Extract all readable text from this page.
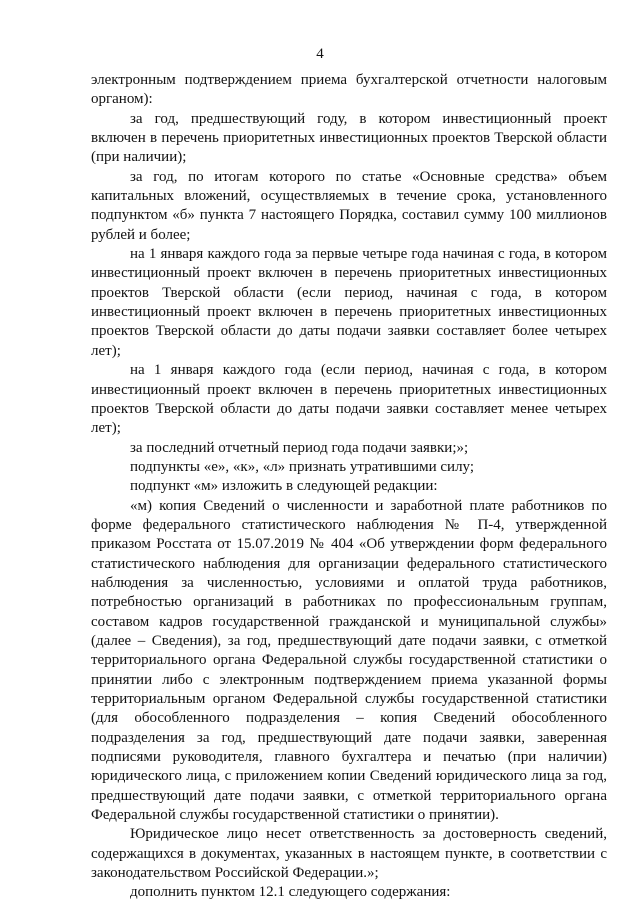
4

электронным подтверждением приема бухгалтерской отчетности налоговым органом):

за год, предшествующий году, в котором инвестиционный проект включен в перечень приоритетных инвестиционных проектов Тверской области (при наличии);

за год, по итогам которого по статье «Основные средства» объем капитальных вложений, осуществляемых в течение срока, установленного подпунктом «б» пункта 7 настоящего Порядка, составил сумму 100 миллионов рублей и более;

на 1 января каждого года за первые четыре года начиная с года, в котором инвестиционный проект включен в перечень приоритетных инвестиционных проектов Тверской области (если период, начиная с года, в котором инвестиционный проект включен в перечень приоритетных инвестиционных проектов Тверской области до даты подачи заявки составляет более четырех лет);

на 1 января каждого года (если период, начиная с года, в котором инвестиционный проект включен в перечень приоритетных инвестиционных проектов Тверской области до даты подачи заявки составляет менее четырех лет);

за последний отчетный период года подачи заявки;»;

подпункты «е», «к», «л» признать утратившими силу;

подпункт «м» изложить в следующей редакции:

«м) копия Сведений о численности и заработной плате работников по форме федерального статистического наблюдения № П-4, утвержденной приказом Росстата от 15.07.2019 № 404 «Об утверждении форм федерального статистического наблюдения для организации федерального статистического наблюдения за численностью, условиями и оплатой труда работников, потребностью организаций в работниках по профессиональным группам, составом кадров государственной гражданской и муниципальной службы» (далее – Сведения), за год, предшествующий дате подачи заявки, с отметкой территориального органа Федеральной службы государственной статистики о принятии либо с электронным подтверждением приема указанной формы территориальным органом Федеральной службы государственной статистики (для обособленного подразделения – копия Сведений обособленного подразделения за год, предшествующий дате подачи заявки, заверенная подписями руководителя, главного бухгалтера и печатью (при наличии) юридического лица, с приложением копии Сведений юридического лица за год, предшествующий дате подачи заявки, с отметкой территориального органа Федеральной службы государственной статистики о принятии).

Юридическое лицо несет ответственность за достоверность сведений, содержащихся в документах, указанных в настоящем пункте, в соответствии с законодательством Российской Федерации.»;

дополнить пунктом 12.1 следующего содержания:
